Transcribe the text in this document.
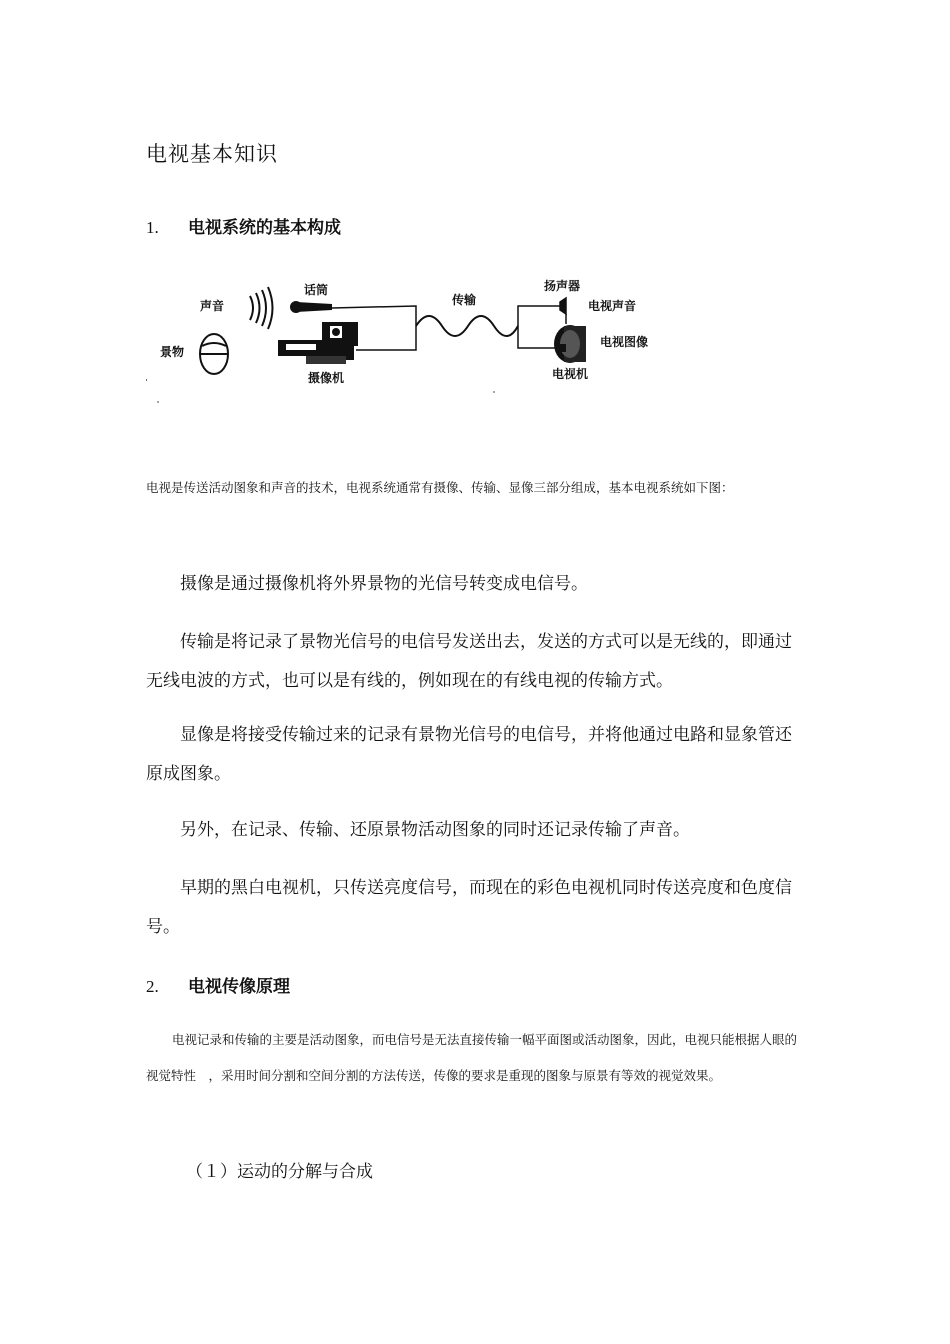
电视基本知识
1. 电视系统的基本构成
声音
景物
话筒
摄像机
传输
扬声器
电视声音
电视图像
电视机
电视是传送活动图象和声音的技术，电视系统通常有摄像、传输、显像三部分组成，基本电视系统如下图：
摄像是通过摄像机将外界景物的光信号转变成电信号。
传输是将记录了景物光信号的电信号发送出去，发送的方式可以是无线的，即通过无线电波的方式，也可以是有线的，例如现在的有线电视的传输方式。
显像是将接受传输过来的记录有景物光信号的电信号，并将他通过电路和显象管还原成图象。
另外，在记录、传输、还原景物活动图象的同时还记录传输了声音。
早期的黑白电视机，只传送亮度信号，而现在的彩色电视机同时传送亮度和色度信号。
2. 电视传像原理
电视记录和传输的主要是活动图象，而电信号是无法直接传输一幅平面图或活动图象，因此，电视只能根据人眼的视觉特性　，采用时间分割和空间分割的方法传送，传像的要求是重现的图象与原景有等效的视觉效果。
（１）运动的分解与合成
